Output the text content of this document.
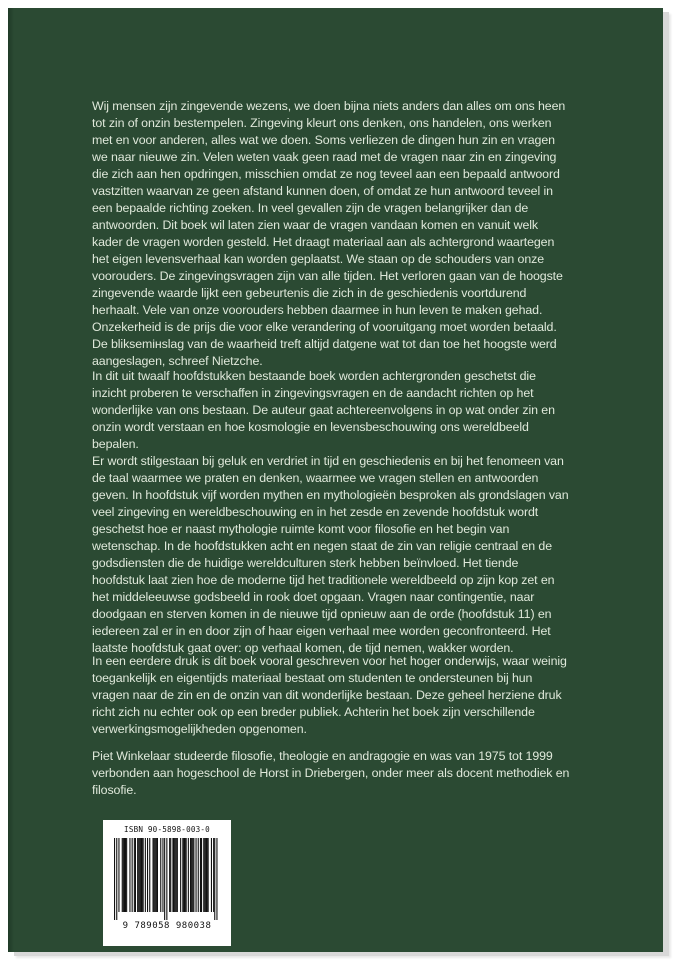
Wij mensen zijn zingevende wezens, we doen bijna niets anders dan alles om ons heen tot zin of onzin bestempelen. Zingeving kleurt ons denken, ons handelen, ons werken met en voor anderen, alles wat we doen. Soms verliezen de dingen hun zin en vragen we naar nieuwe zin. Velen weten vaak geen raad met de vragen naar zin en zingeving die zich aan hen opdringen, misschien omdat ze nog teveel aan een bepaald antwoord vastzitten waarvan ze geen afstand kunnen doen, of omdat ze hun antwoord teveel in een bepaalde richting zoeken. In veel gevallen zijn de vragen belangrijker dan de antwoorden. Dit boek wil laten zien waar de vragen vandaan komen en vanuit welk kader de vragen worden gesteld. Het draagt materiaal aan als achtergrond waartegen het eigen levensverhaal kan worden geplaatst. We staan op de schouders van onze voorouders. De zingevingsvragen zijn van alle tijden. Het verloren gaan van de hoogste zingevende waarde lijkt een gebeurtenis die zich in de geschiedenis voortdurend herhaalt. Vele van onze voorouders hebben daarmee in hun leven te maken gehad. Onzekerheid is de prijs die voor elke verandering of vooruitgang moet worden betaald. De bliksemінslag van de waarheid treft altijd datgene wat tot dan toe het hoogste werd aangeslagen, schreef Nietzche.

In dit uit twaalf hoofdstukken bestaande boek worden achtergronden geschetst die inzicht proberen te verschaffen in zingevingsvragen en de aandacht richten op het wonderlijke van ons bestaan. De auteur gaat achtereenvolgens in op wat onder zin en onzin wordt verstaan en hoe kosmologie en levensbeschouwing ons wereldbeeld bepalen.
Er wordt stilgestaan bij geluk en verdriet in tijd en geschiedenis en bij het fenomeen van de taal waarmee we praten en denken, waarmee we vragen stellen en antwoorden geven. In hoofdstuk vijf worden mythen en mythologieën besproken als grondslagen van veel zingeving en wereldbeschouwing en in het zesde en zevende hoofdstuk wordt geschetst hoe er naast mythologie ruimte komt voor filosofie en het begin van wetenschap. In de hoofdstukken acht en negen staat de zin van religie centraal en de godsdiensten die de huidige wereldculturen sterk hebben beïnvloed. Het tiende hoofdstuk laat zien hoe de moderne tijd het traditionele wereldbeeld op zijn kop zet en het middeleeuwse godsbeeld in rook doet opgaan. Vragen naar contingentie, naar doodgaan en sterven komen in de nieuwe tijd opnieuw aan de orde (hoofdstuk 11) en iedereen zal er in en door zijn of haar eigen verhaal mee worden geconfronteerd. Het laatste hoofdstuk gaat over: op verhaal komen, de tijd nemen, wakker worden.

In een eerdere druk is dit boek vooral geschreven voor het hoger onderwijs, waar weinig toegankelijk en eigentijds materiaal bestaat om studenten te ondersteunen bij hun vragen naar de zin en de onzin van dit wonderlijke bestaan. Deze geheel herziene druk richt zich nu echter ook op een breder publiek. Achterin het boek zijn verschillende verwerkingsmogelijkheden opgenomen.

Piet Winkelaar studeerde filosofie, theologie en andragogie en was van 1975 tot 1999 verbonden aan hogeschool de Horst in Driebergen, onder meer als docent methodiek en filosofie.

ISBN 90-5898-003-0
9 789058 980038
